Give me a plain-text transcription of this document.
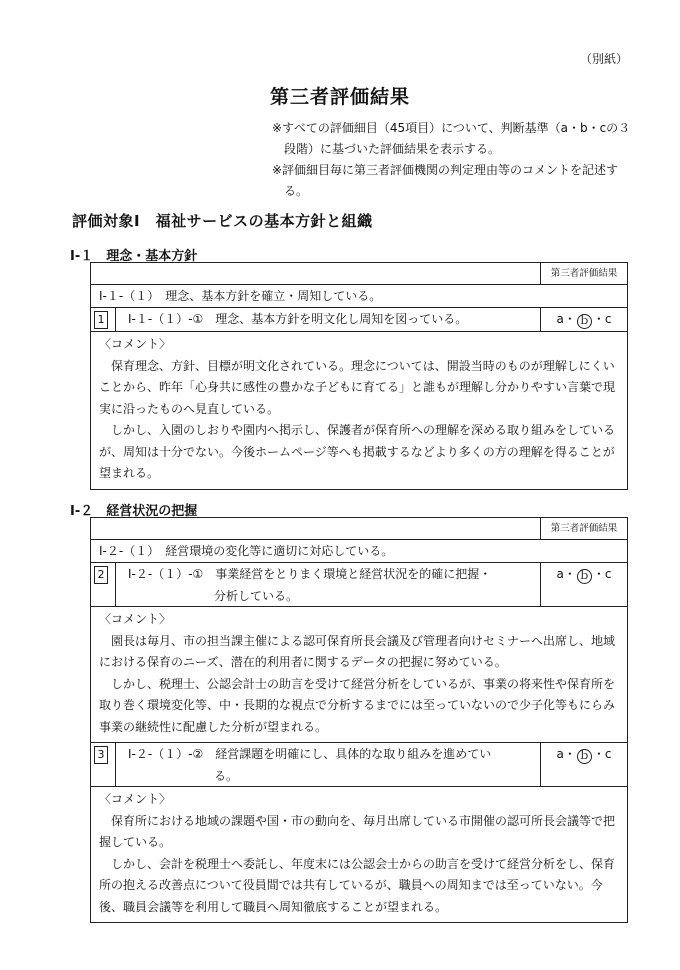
（別紙）
第三者評価結果

※すべての評価細目（45項目）について、判断基準（a・b・cの３段階）に基づいた評価結果を表示する。

※評価細目毎に第三者評価機関の判定理由等のコメントを記述する。

評価対象Ⅰ　福祉サービスの基本方針と組織
Ⅰ-１　理念・基本方針
第三者評価結果
Ⅰ-１-（１）　理念、基本方針を確立・周知している。
1	Ⅰ-１-（１）-①　理念、基本方針を明文化し周知を図っている。	a・ ｂ ・c
〈コメント〉

保育理念、方針、目標が明文化されている。理念については、開設当時のものが理解しにくいことから、昨年「心身共に感性の豊かな子どもに育てる」と誰もが理解し分かりやすい言葉で現実に沿ったものへ見直している。

しかし、入園のしおりや園内へ掲示し、保護者が保育所への理解を深める取り組みをしているが、周知は十分でない。今後ホームページ等へも掲載するなどより多くの方の理解を得ることが望まれる。

Ⅰ-２　経営状況の把握
第三者評価結果
Ⅰ-２-（１）　経営環境の変化等に適切に対応している。
2 Ⅰ-２-（１）-①　事業経営をとりまく環境と経営状況を的確に把握・
分析している。
a・ ｂ ・c
〈コメント〉

園長は毎月、市の担当課主催による認可保育所長会議及び管理者向けセミナーへ出席し、地域における保育のニーズ、潜在的利用者に関するデータの把握に努めている。

しかし、税理士、公認会計士の助言を受けて経営分析をしているが、事業の将来性や保育所を取り巻く環境変化等、中・長期的な視点で分析するまでには至っていないので少子化等もにらみ事業の継続性に配慮した分析が望まれる。

3 Ⅰ-２-（１）-②　経営課題を明確にし、具体的な取り組みを進めてい
る。
a・ ｂ ・c
〈コメント〉

保育所における地域の課題や国・市の動向を、毎月出席している市開催の認可所長会議等で把握している。

しかし、会計を税理士へ委託し、年度末には公認会士からの助言を受けて経営分析をし、保育所の抱える改善点について役員間では共有しているが、職員への周知までは至っていない。今後、職員会議等を利用して職員へ周知徹底することが望まれる。
